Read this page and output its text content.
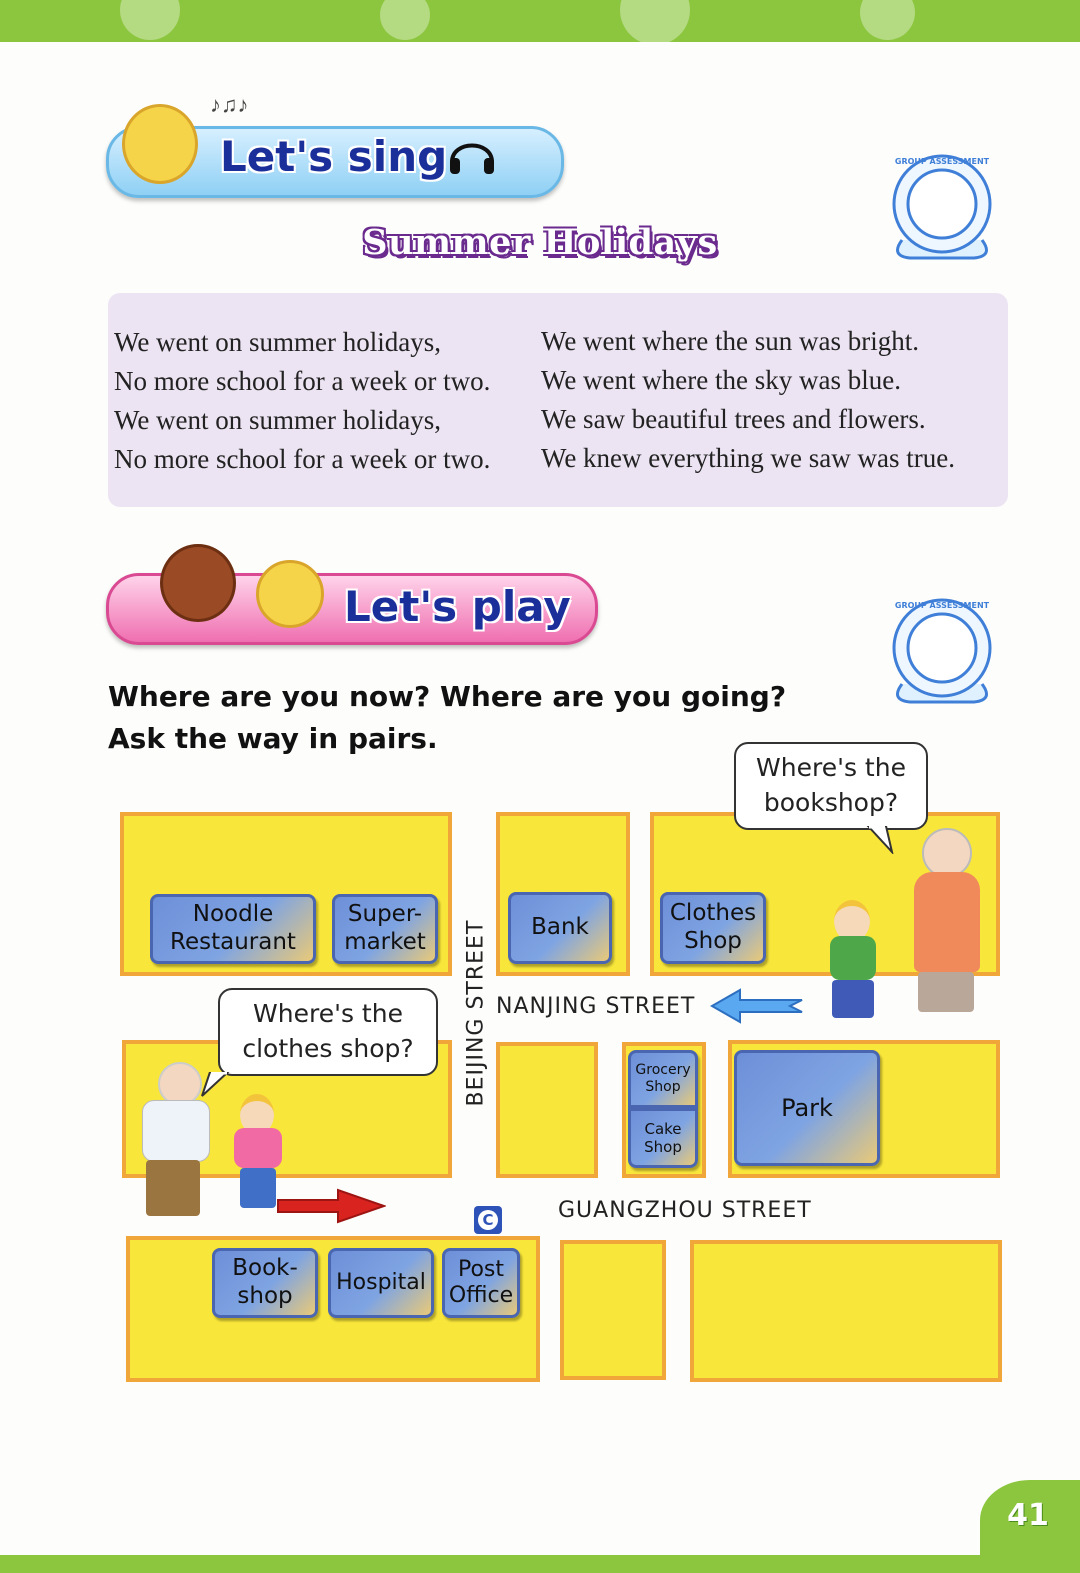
♪♫♪
Let's sing	GROUP ASSESSMENT
GROUP ASSESSMENT
Summer Holidays
We went on summer holidays,
No more school for a week or two.
We went on summer holidays,
No more school for a week or two.
We went where the sun was bright.
We went where the sky was blue.
We saw beautiful trees and flowers.
We knew everything we saw was true.
Let's play
Where are you now? Where are you going?
Ask the way in pairs.
Noodle Restaurant
Super- market
Bank
Clothes Shop
Grocery Shop
Cake Shop
Park
Book- shop
Hospital
Post Office
BEIJING STREET NANJING STREET
GUANGZHOU STREET
C
Where's the bookshop?
Where's the clothes shop?
41
